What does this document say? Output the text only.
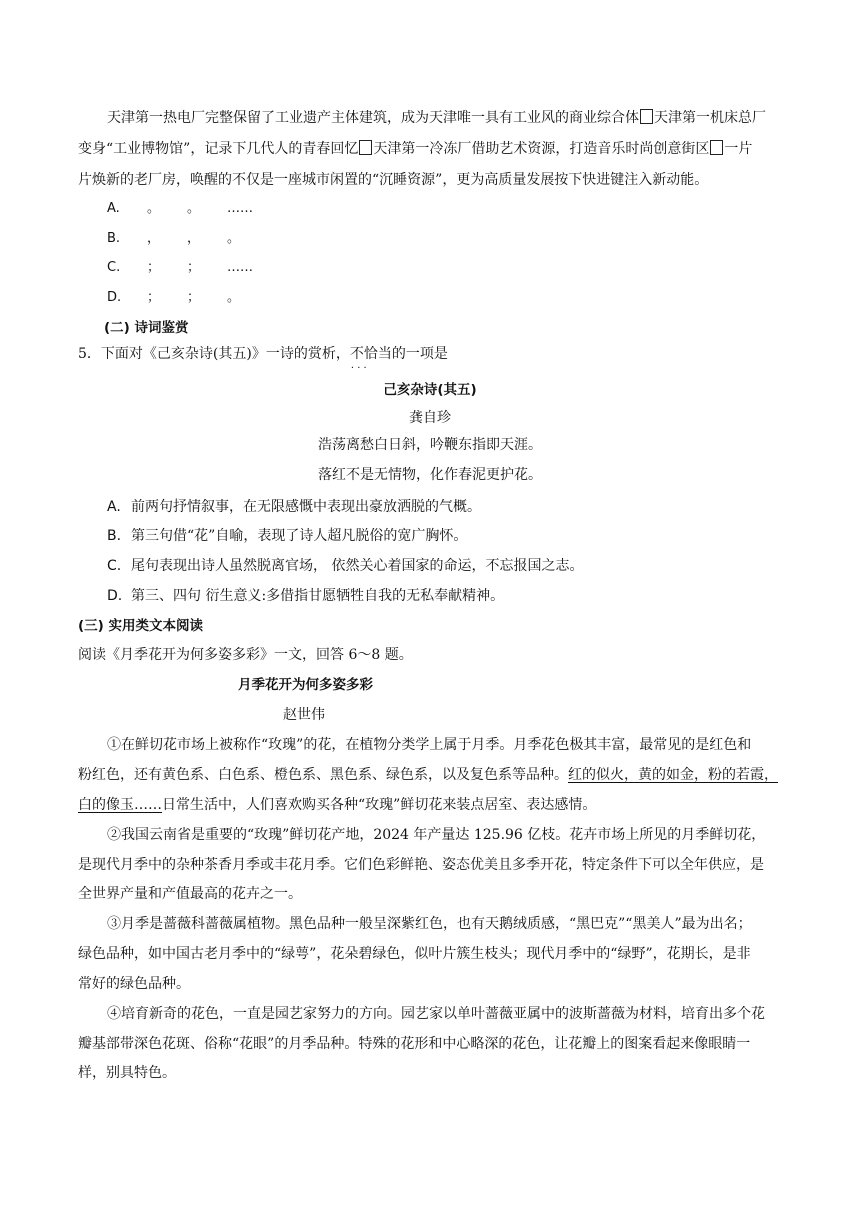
天津第一热电厂完整保留了工业遗产主体建筑，成为天津唯一具有工业风的商业综合体 天津第一机床总厂
变身“工业博物馆”，记录下几代人的青春回忆 天津第一冷冻厂借助艺术资源，打造音乐时尚创意街区 一片
片焕新的老厂房，唤醒的不仅是一座城市闲置的“沉睡资源”，更为高质量发展按下快进键注入新动能。
A. 。 。 ……
B. ， ， 。
C. ； ； ……
D. ； ； 。
(二) 诗词鉴赏
5．下面对《己亥杂诗(其五)》一诗的赏析，不恰当 · · ·的一项是
己亥杂诗(其五)
龚自珍
浩荡离愁白日斜，吟鞭东指即天涯。
落红不是无情物，化作春泥更护花。
A. 前两句抒情叙事，在无限感慨中表现出豪放洒脱的气概。
B. 第三句借“花”自喻，表现了诗人超凡脱俗的宽广胸怀。
C. 尾句表现出诗人虽然脱离官场， 依然关心着国家的命运，不忘报国之志。
D. 第三、四句 衍生意义:多借指甘愿牺牲自我的无私奉献精神。
(三) 实用类文本阅读
阅读《月季花开为何多姿多彩》一文，回答 6～8 题。
月季花开为何多姿多彩
赵世伟
①在鲜切花市场上被称作“玫瑰”的花，在植物分类学上属于月季。月季花色极其丰富，最常见的是红色和
粉红色，还有黄色系、白色系、橙色系、黑色系、绿色系，以及复色系等品种。红的似火，黄的如金，粉的若霞，
白的像玉……日常生活中，人们喜欢购买各种“玫瑰”鲜切花来装点居室、表达感情。
②我国云南省是重要的“玫瑰”鲜切花产地，2024 年产量达 125.96 亿枝。花卉市场上所见的月季鲜切花，
是现代月季中的杂种茶香月季或丰花月季。它们色彩鲜艳、姿态优美且多季开花，特定条件下可以全年供应，是
全世界产量和产值最高的花卉之一。
③月季是蔷薇科蔷薇属植物。黑色品种一般呈深紫红色，也有天鹅绒质感，“黑巴克”“黑美人”最为出名；
绿色品种，如中国古老月季中的“绿萼”，花朵碧绿色，似叶片簇生枝头；现代月季中的“绿野”，花期长，是非
常好的绿色品种。
④培育新奇的花色，一直是园艺家努力的方向。园艺家以单叶蔷薇亚属中的波斯蔷薇为材料，培育出多个花
瓣基部带深色花斑、俗称“花眼”的月季品种。特殊的花形和中心略深的花色，让花瓣上的图案看起来像眼睛一
样，别具特色。
